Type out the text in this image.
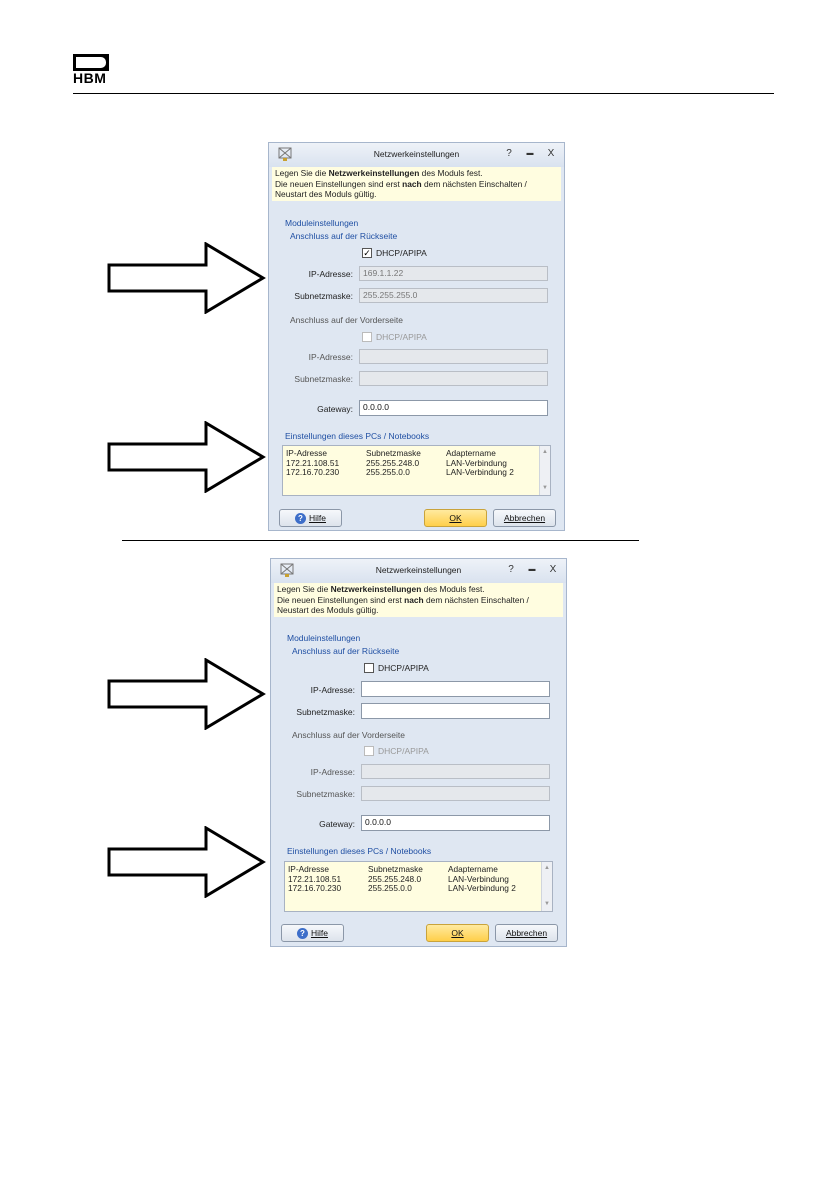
HBM
Netzwerkeinstellungen	?	▬ X
Legen Sie die Netzwerkeinstellungen des Moduls fest.
Die neuen Einstellungen sind erst nach dem nächsten Einschalten /
Neustart des Moduls gültig.
Moduleinstellungen
Anschluss auf der Rückseite
✓ DHCP/APIPA
IP-Adresse:	169.1.1.22
Subnetzmaske:	255.255.255.0
Anschluss auf der Vorderseite
DHCP/APIPA
IP-Adresse:
Subnetzmaske:
Gateway:	0.0.0.0
Einstellungen dieses PCs / Notebooks
IP-Adresse	Subnetzmaske	Adaptername
172.21.108.51	255.255.248.0	LAN-Verbindung
172.16.70.230	255.255.0.0	LAN-Verbindung 2
▲
▼
? Hilfe	OK	Abbrechen
Netzwerkeinstellungen	?	▬ X
Legen Sie die Netzwerkeinstellungen des Moduls fest.
Die neuen Einstellungen sind erst nach dem nächsten Einschalten /
Neustart des Moduls gültig.
Moduleinstellungen
Anschluss auf der Rückseite
DHCP/APIPA
IP-Adresse:
Subnetzmaske:
Anschluss auf der Vorderseite
DHCP/APIPA
IP-Adresse:
Subnetzmaske:
Gateway:	0.0.0.0
Einstellungen dieses PCs / Notebooks
IP-Adresse	Subnetzmaske	Adaptername
172.21.108.51	255.255.248.0	LAN-Verbindung
172.16.70.230	255.255.0.0	LAN-Verbindung 2
▲
▼
? Hilfe	OK	Abbrechen
